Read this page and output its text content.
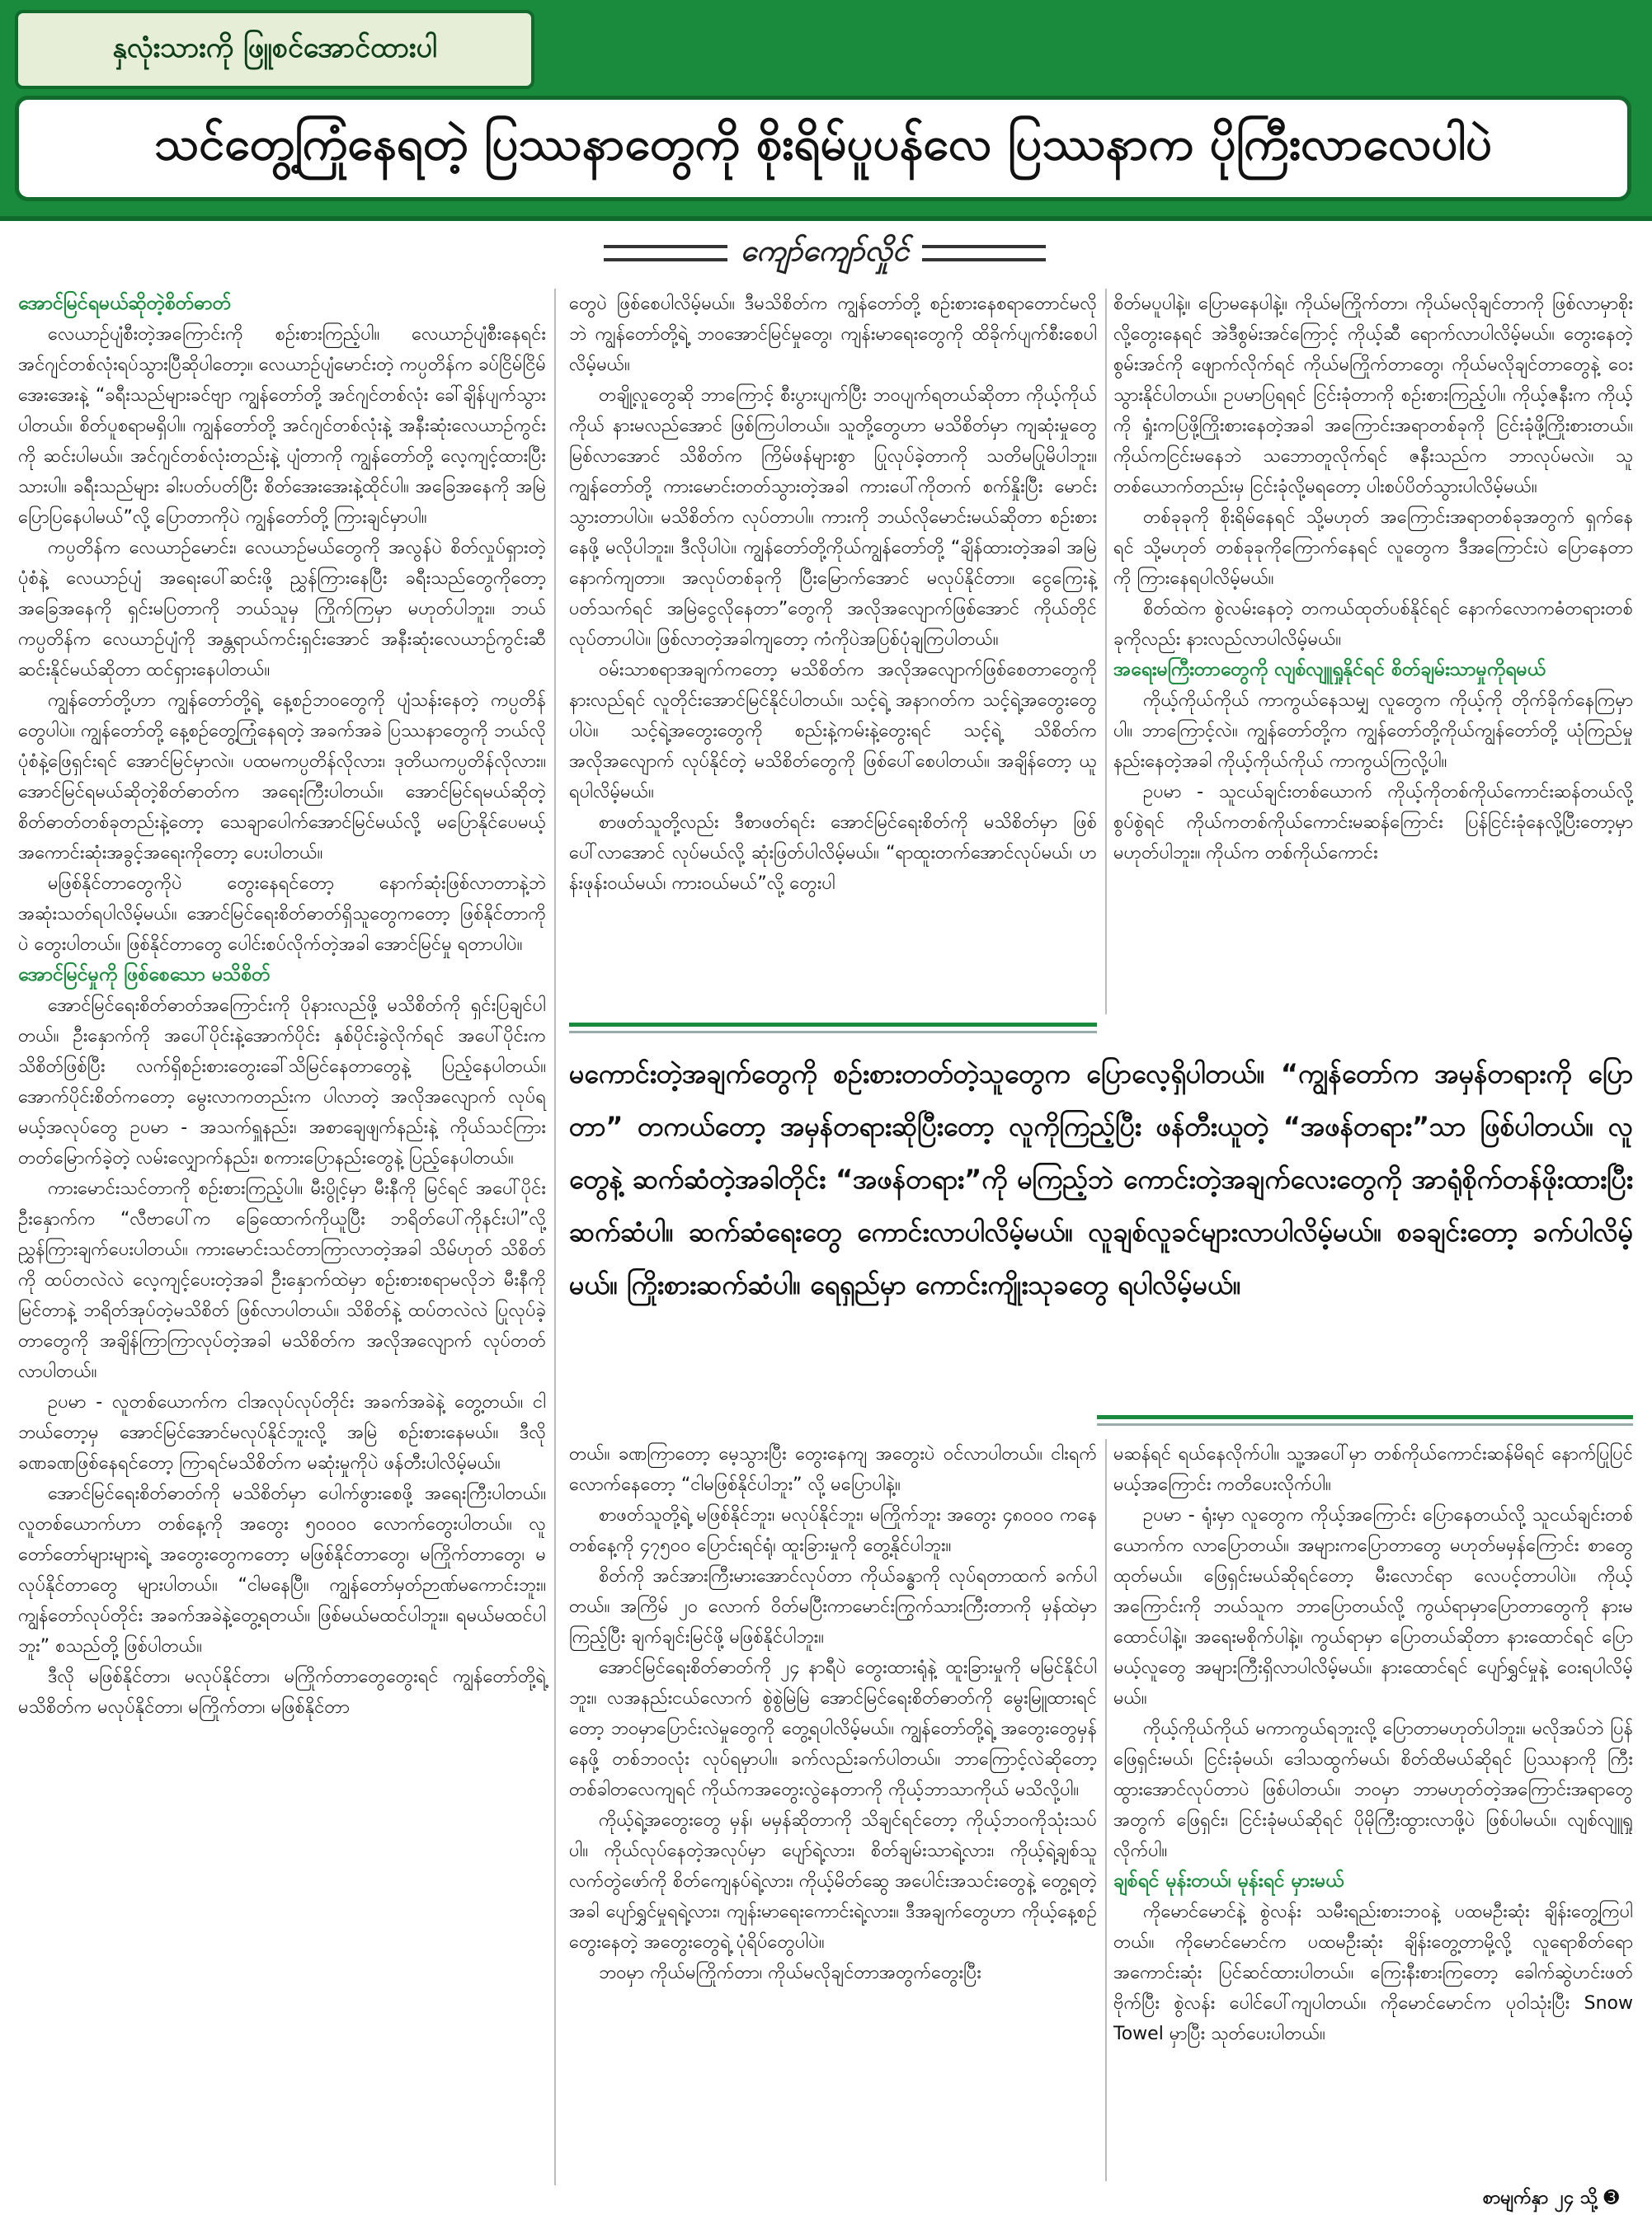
နှလုံးသားကို ဖြူစင်အောင်ထားပါ
သင်တွေ့ကြုံနေရတဲ့ ပြဿနာတွေကို စိုးရိမ်ပူပန်လေ ပြဿနာက ပိုကြီးလာလေပါပဲ
ကျော်ကျော်လှိုင်
အောင်မြင်ရမယ်ဆိုတဲ့စိတ်ဓာတ်

လေယာဉ်ပျံစီးတဲ့အကြောင်းကို စဉ်းစားကြည့်ပါ။ လေယာဉ်ပျံစီးနေရင်း အင်ဂျင်တစ်လုံးရပ်သွားပြီဆိုပါတော့။ လေယာဉ်ပျံမောင်းတဲ့ ကပ္ပတိန်က ခပ်ငြိမ်ငြိမ်အေးအေးနဲ့ “ခရီးသည်များခင်ဗျာ ကျွန်တော်တို့ အင်ဂျင်တစ်လုံး ခေါ်ချိန်ပျက်သွားပါတယ်။ စိတ်ပူစရာမရှိပါ။ ကျွန်တော်တို့ အင်ဂျင်တစ်လုံးနဲ့ အနီးဆုံးလေယာဉ်ကွင်းကို ဆင်းပါမယ်။ အင်ဂျင်တစ်လုံးတည်းနဲ့ ပျံတာကို ကျွန်တော်တို့ လေ့ကျင့်ထားပြီးသားပါ။ ခရီးသည်များ ခါးပတ်ပတ်ပြီး စိတ်အေးအေးနဲ့ထိုင်ပါ။ အခြေအနေကို အမြဲပြောပြနေပါမယ်”လို့ ပြောတာကိုပဲ ကျွန်တော်တို့ ကြားချင်မှာပါ။

ကပ္ပတိန်က လေယာဉ်မောင်း၊ လေယာဉ်မယ်တွေကို အလွန်ပဲ စိတ်လှုပ်ရှားတဲ့ပုံစံနဲ့ လေယာဉ်ပျံ အရေးပေါ်ဆင်းဖို့ ညွှန်ကြားနေပြီး ခရီးသည်တွေကိုတော့ အခြေအနေကို ရှင်းမပြတာကို ဘယ်သူမှ ကြိုက်ကြမှာ မဟုတ်ပါဘူး။ ဘယ်ကပ္ပတိန်က လေယာဉ်ပျံကို အန္တရာယ်ကင်းရှင်းအောင် အနီးဆုံးလေယာဉ်ကွင်းဆီ ဆင်းနိုင်မယ်ဆိုတာ ထင်ရှားနေပါတယ်။

ကျွန်တော်တို့ဟာ ကျွန်တော်တို့ရဲ့ နေ့စဉ်ဘဝတွေကို ပျံသန်းနေတဲ့ ကပ္ပတိန်တွေပါပဲ။ ကျွန်တော်တို့ နေ့စဉ်တွေ့ကြုံနေရတဲ့ အခက်အခဲ ပြဿနာတွေကို ဘယ်လိုပုံစံနဲ့ဖြေရှင်းရင် အောင်မြင်မှာလဲ။ ပထမကပ္ပတိန်လိုလား၊ ဒုတိယကပ္ပတိန်လိုလား။ အောင်မြင်ရမယ်ဆိုတဲ့စိတ်ဓာတ်က အရေးကြီးပါတယ်။ အောင်မြင်ရမယ်ဆိုတဲ့ စိတ်ဓာတ်တစ်ခုတည်းနဲ့တော့ သေချာပေါက်အောင်မြင်မယ်လို့ မပြောနိုင်ပေမယ့် အကောင်းဆုံးအခွင့်အရေးကိုတော့ ပေးပါတယ်။

မဖြစ်နိုင်တာတွေကိုပဲ တွေးနေရင်တော့ နောက်ဆုံးဖြစ်လာတာနဲ့ဘဲ အဆုံးသတ်ရပါလိမ့်မယ်။ အောင်မြင်ရေးစိတ်ဓာတ်ရှိသူတွေကတော့ ဖြစ်နိုင်တာကိုပဲ တွေးပါတယ်။ ဖြစ်နိုင်တာတွေ ပေါင်းစပ်လိုက်တဲ့အခါ အောင်မြင်မှု ရတာပါပဲ။

အောင်မြင်မှုကို ဖြစ်စေသော မသိစိတ်

အောင်မြင်ရေးစိတ်ဓာတ်အကြောင်းကို ပိုနားလည်ဖို့ မသိစိတ်ကို ရှင်းပြချင်ပါတယ်။ ဦးနှောက်ကို အပေါ်ပိုင်းနဲ့အောက်ပိုင်း နှစ်ပိုင်းခွဲလိုက်ရင် အပေါ်ပိုင်းကသိစိတ်ဖြစ်ပြီး လက်ရှိစဉ်းစားတွေးခေါ်သိမြင်နေတာတွေနဲ့ ပြည့်နေပါတယ်။ အောက်ပိုင်းစိတ်ကတော့ မွေးလာကတည်းက ပါလာတဲ့ အလိုအလျောက် လုပ်ရမယ့်အလုပ်တွေ ဥပမာ - အသက်ရှူနည်း၊ အစာချေဖျက်နည်းနဲ့ ကိုယ်သင်ကြားတတ်မြောက်ခဲ့တဲ့ လမ်းလျှောက်နည်း၊ စကားပြောနည်းတွေနဲ့ ပြည့်နေပါတယ်။

ကားမောင်းသင်တာကို စဉ်းစားကြည့်ပါ။ မီးပွိုင့်မှာ မီးနီကို မြင်ရင် အပေါ်ပိုင်းဦးနှောက်က “လီဗာပေါ်က ခြေထောက်ကိုယူပြီး ဘရိတ်ပေါ်ကိုနင်းပါ”လို့ ညွှန်ကြားချက်ပေးပါတယ်။ ကားမောင်းသင်တာကြာလာတဲ့အခါ သိမ်ဟုတ် သိစိတ်ကို ထပ်တလဲလဲ လေ့ကျင့်ပေးတဲ့အခါ ဦးနှောက်ထဲမှာ စဉ်းစားစရာမလိုဘဲ မီးနီကိုမြင်တာနဲ့ ဘရိတ်အုပ်တဲ့မသိစိတ် ဖြစ်လာပါတယ်။ သိစိတ်နဲ့ ထပ်တလဲလဲ ပြုလုပ်ခဲ့တာတွေကို အချိန်ကြာကြာလုပ်တဲ့အခါ မသိစိတ်က အလိုအလျောက် လုပ်တတ်လာပါတယ်။

ဥပမာ - လူတစ်ယောက်က ငါအလုပ်လုပ်တိုင်း အခက်အခဲနဲ့ တွေ့တယ်။ ငါဘယ်တော့မှ အောင်မြင်အောင်မလုပ်နိုင်ဘူးလို့ အမြဲ စဉ်းစားနေမယ်။ ဒီလို ခဏခဏဖြစ်နေရင်တော့ ကြာရင်မသိစိတ်က မဆုံးမှုကိုပဲ ဖန်တီးပါလိမ့်မယ်။

အောင်မြင်ရေးစိတ်ဓာတ်ကို မသိစိတ်မှာ ပေါက်ဖွားစေဖို့ အရေးကြီးပါတယ်။ လူတစ်ယောက်ဟာ တစ်နေ့ကို အတွေး ၅၀၀၀၀ လောက်တွေးပါတယ်။ လူတော်တော်များများရဲ့ အတွေးတွေကတော့ မဖြစ်နိုင်တာတွေ၊ မကြိုက်တာတွေ၊ မလုပ်နိုင်တာတွေ များပါတယ်။ “ငါမနေပြီ။ ကျွန်တော်မှတ်ဉာဏ်မကောင်းဘူး။ ကျွန်တော်လုပ်တိုင်း အခက်အခဲနဲ့တွေ့ရတယ်။ ဖြစ်မယ်မထင်ပါဘူး။ ရမယ်မထင်ပါဘူး” စသည်တို့ ဖြစ်ပါတယ်။

ဒီလို မဖြစ်နိုင်တာ၊ မလုပ်နိုင်တာ၊ မကြိုက်တာတွေတွေးရင် ကျွန်တော်တို့ရဲ့ မသိစိတ်က မလုပ်နိုင်တာ၊ မကြိုက်တာ၊ မဖြစ်နိုင်တာ

တွေပဲ ဖြစ်စေပါလိမ့်မယ်။ ဒီမသိစိတ်က ကျွန်တော်တို့ စဉ်းစားနေစရာတောင်မလိုဘဲ ကျွန်တော်တို့ရဲ့ ဘဝအောင်မြင်မှုတွေ၊ ကျန်းမာရေးတွေကို ထိခိုက်ပျက်စီးစေပါလိမ့်မယ်။

တချို့လူတွေဆို ဘာကြောင့် စီးပွားပျက်ပြီး ဘဝပျက်ရတယ်ဆိုတာ ကိုယ့်ကိုယ်ကိုယ် နားမလည်အောင် ဖြစ်ကြပါတယ်။ သူတို့တွေဟာ မသိစိတ်မှာ ကျဆုံးမှုတွေမြစ်လာအောင် သိစိတ်က ကြိမ်ဖန်များစွာ ပြုလုပ်ခဲ့တာကို သတိမပြုမိပါဘူး။ ကျွန်တော်တို့ ကားမောင်းတတ်သွားတဲ့အခါ ကားပေါ်ကိုတက် စက်နှိုးပြီး မောင်းသွားတာပါပဲ။ မသိစိတ်က လုပ်တာပါ။ ကားကို ဘယ်လိုမောင်းမယ်ဆိုတာ စဉ်းစားနေဖို့ မလိုပါဘူး။ ဒီလိုပါပဲ။ ကျွန်တော်တို့ကိုယ်ကျွန်တော်တို့ “ချိန်ထားတဲ့အခါ အမြဲနောက်ကျတာ။ အလုပ်တစ်ခုကို ပြီးမြောက်အောင် မလုပ်နိုင်တာ။ ငွေကြေးနဲ့ပတ်သက်ရင် အမြဲငွေလိုနေတာ”တွေကို အလိုအလျောက်ဖြစ်အောင် ကိုယ်တိုင်လုပ်တာပါပဲ။ ဖြစ်လာတဲ့အခါကျတော့ ကံကိုပဲအပြစ်ပုံချကြပါတယ်။

ဝမ်းသာစရာအချက်ကတော့ မသိစိတ်က အလိုအလျောက်ဖြစ်စေတာတွေကိုနားလည်ရင် လူတိုင်းအောင်မြင်နိုင်ပါတယ်။ သင့်ရဲ့ အနာဂတ်က သင့်ရဲ့အတွေးတွေပါပဲ။ သင့်ရဲ့အတွေးတွေကို စည်းနဲ့ကမ်းနဲ့တွေးရင် သင့်ရဲ့ သိစိတ်က အလိုအလျောက် လုပ်နိုင်တဲ့ မသိစိတ်တွေကို ဖြစ်ပေါ်စေပါတယ်။ အချိန်တော့ ယူရပါလိမ့်မယ်။

စာဖတ်သူတို့လည်း ဒီစာဖတ်ရင်း အောင်မြင်ရေးစိတ်ကို မသိစိတ်မှာ ဖြစ်ပေါ်လာအောင် လုပ်မယ်လို့ ဆုံးဖြတ်ပါလိမ့်မယ်။ “ရာထူးတက်အောင်လုပ်မယ်၊ ဟန်းဖုန်းဝယ်မယ်၊ ကားဝယ်မယ်”လို့ တွေးပါ

စိတ်မပူပါနဲ့။ ပြောမနေပါနဲ့။ ကိုယ်မကြိုက်တာ၊ ကိုယ်မလိုချင်တာကို ဖြစ်လာမှာစိုးလို့တွေးနေရင် အဲဒီစွမ်းအင်ကြောင့် ကိုယ့်ဆီ ရောက်လာပါလိမ့်မယ်။ တွေးနေတဲ့စွမ်းအင်ကို ဖျောက်လိုက်ရင် ကိုယ်မကြိုက်တာတွေ၊ ကိုယ်မလိုချင်တာတွေနဲ့ ဝေးသွားနိုင်ပါတယ်။ ဥပမာပြရရင် ငြင်းခုံတာကို စဉ်းစားကြည့်ပါ။ ကိုယ့်ဇနီးက ကိုယ့်ကို ရှုံးကပြဖို့ကြိုးစားနေတဲ့အခါ အကြောင်းအရာတစ်ခုကို ငြင်းခုံဖို့ကြိုးစားတယ်။ ကိုယ်ကငြင်းမနေဘဲ သဘောတူလိုက်ရင် ဇနီးသည်က ဘာလုပ်မလဲ။ သူတစ်ယောက်တည်းမှ ငြင်းခုံလို့မရတော့ ပါးစပ်ပိတ်သွားပါလိမ့်မယ်။

တစ်ခုခုကို စိုးရိမ်နေရင် သို့မဟုတ် အကြောင်းအရာတစ်ခုအတွက် ရှက်နေရင် သို့မဟုတ် တစ်ခုခုကိုကြောက်နေရင် လူတွေက ဒီအကြောင်းပဲ ပြောနေတာကို ကြားနေရပါလိမ့်မယ်။

စိတ်ထဲက စွဲလမ်းနေတဲ့ တကယ်ထုတ်ပစ်နိုင်ရင် နောက်လောကဓံတရားတစ်ခုကိုလည်း နားလည်လာပါလိမ့်မယ်။

အရေးမကြီးတာတွေကို လျစ်လျူရှုနိုင်ရင် စိတ်ချမ်းသာမှုကိုရမယ်

ကိုယ့်ကိုယ်ကိုယ် ကာကွယ်နေသမျှ လူတွေက ကိုယ့်ကို တိုက်ခိုက်နေကြမှာပါ။ ဘာကြောင့်လဲ။ ကျွန်တော်တို့က ကျွန်တော်တို့ကိုယ်ကျွန်တော်တို့ ယုံကြည်မှုနည်းနေတဲ့အခါ ကိုယ့်ကိုယ်ကိုယ် ကာကွယ်ကြလို့ပါ။

ဥပမာ - သူငယ်ချင်းတစ်ယောက် ကိုယ့်ကိုတစ်ကိုယ်ကောင်းဆန်တယ်လို့ စွပ်စွဲရင် ကိုယ်ကတစ်ကိုယ်ကောင်းမဆန်ကြောင်း ပြန်ငြင်းခုံနေလို့ပြီးတော့မှာ မဟုတ်ပါဘူး။ ကိုယ်က တစ်ကိုယ်ကောင်း

မကောင်းတဲ့အချက်တွေကို စဉ်းစားတတ်တဲ့သူတွေက ပြောလေ့ရှိပါတယ်။ “ကျွန်တော်က အမှန်တရားကို ပြောတာ” တကယ်တော့ အမှန်တရားဆိုပြီးတော့ လူကိုကြည့်ပြီး ဖန်တီးယူတဲ့ “အဖန်တရား”သာ ဖြစ်ပါတယ်။ လူတွေနဲ့ ဆက်ဆံတဲ့အခါတိုင်း “အဖန်တရား”ကို မကြည့်ဘဲ ကောင်းတဲ့အချက်လေးတွေကို အာရုံစိုက်တန်ဖိုးထားပြီး ဆက်ဆံပါ။ ဆက်ဆံရေးတွေ ကောင်းလာပါလိမ့်မယ်။ လူချစ်လူခင်များလာပါလိမ့်မယ်။ စခချင်းတော့ ခက်ပါလိမ့်မယ်။ ကြိုးစားဆက်ဆံပါ။ ရေရှည်မှာ ကောင်းကျိုးသုခတွေ ရပါလိမ့်မယ်။

တယ်။ ခဏကြာတော့ မေ့သွားပြီး တွေးနေကျ အတွေးပဲ ဝင်လာပါတယ်။ ငါးရက်လောက်နေတော့ “ငါမဖြစ်နိုင်ပါဘူး” လို့ မပြောပါနဲ့။

စာဖတ်သူတို့ရဲ့ မဖြစ်နိုင်ဘူး၊ မလုပ်နိုင်ဘူး၊ မကြိုက်ဘူး အတွေး ၄၈၀၀၀ ကနေ တစ်နေ့ကို ၄၇၅၀၀ ပြောင်းရင်ရုံ၊ ထူးခြားမှုကို တွေ့နိုင်ပါဘူး။

စိတ်ကို အင်အားကြီးမားအောင်လုပ်တာ ကိုယ်ခန္ဓာကို လုပ်ရတာထက် ခက်ပါတယ်။ အကြိမ် ၂၀ လောက် ဝိတ်မပြီးကာမောင်းကြွက်သားကြီးတာကို မှန်ထဲမှာကြည့်ပြီး ချက်ချင်းမြင်ဖို့ မဖြစ်နိုင်ပါဘူး။

အောင်မြင်ရေးစိတ်ဓာတ်ကို ၂၄ နာရီပဲ တွေးထားရုံနဲ့ ထူးခြားမှုကို မမြင်နိုင်ပါဘူး။ လအနည်းငယ်လောက် စွဲစွဲမြဲမြဲ အောင်မြင်ရေးစိတ်ဓာတ်ကို မွေးမြူထားရင်တော့ ဘဝမှာပြောင်းလဲမှုတွေကို တွေ့ရပါလိမ့်မယ်။ ကျွန်တော်တို့ရဲ့ အတွေးတွေမှန်နေဖို့ တစ်ဘဝလုံး လုပ်ရမှာပါ။ ခက်လည်းခက်ပါတယ်။ ဘာကြောင့်လဲဆိုတော့ တစ်ခါတလေကျရင် ကိုယ်ကအတွေးလွဲနေတာကို ကိုယ့်ဘာသာကိုယ် မသိလို့ပါ။

ကိုယ့်ရဲ့အတွေးတွေ မှန်၊ မမှန်ဆိုတာကို သိချင်ရင်တော့ ကိုယ့်ဘဝကိုသုံးသပ်ပါ။ ကိုယ်လုပ်နေတဲ့အလုပ်မှာ ပျော်ရဲ့လား၊ စိတ်ချမ်းသာရဲ့လား၊ ကိုယ့်ရဲ့ချစ်သူ လက်တွဲဖော်ကို စိတ်ကျေနပ်ရဲ့လား၊ ကိုယ့်မိတ်ဆွေ အပေါင်းအသင်းတွေနဲ့ တွေ့ရတဲ့အခါ ပျော်ရွှင်မှုရရဲ့လား၊ ကျန်းမာရေးကောင်းရဲ့လား။ ဒီအချက်တွေဟာ ကိုယ့်နေ့စဉ်တွေးနေတဲ့ အတွေးတွေရဲ့ ပုံရိပ်တွေပါပဲ။

ဘဝမှာ ကိုယ်မကြိုက်တာ၊ ကိုယ်မလိုချင်တာအတွက်တွေးပြီး

မဆန်ရင် ရယ်နေလိုက်ပါ။ သူ့အပေါ်မှာ တစ်ကိုယ်ကောင်းဆန်မိရင် နောက်ပြုပြင်မယ့်အကြောင်း ကတိပေးလိုက်ပါ။

ဥပမာ - ရုံးမှာ လူတွေက ကိုယ့်အကြောင်း ပြောနေတယ်လို့ သူငယ်ချင်းတစ်ယောက်က လာပြောတယ်။ အများကပြောတာတွေ မဟုတ်မမှန်ကြောင်း စာတွေထုတ်မယ်။ ဖြေရှင်းမယ်ဆိုရင်တော့ မီးလောင်ရာ လေပင့်တာပါပဲ။ ကိုယ့်အကြောင်းကို ဘယ်သူက ဘာပြောတယ်လို့ ကွယ်ရာမှာပြောတာတွေကို နားမထောင်ပါနဲ့။ အရေးမစိုက်ပါနဲ့။ ကွယ်ရာမှာ ပြောတယ်ဆိုတာ နားထောင်ရင် ပြောမယ့်လူတွေ အများကြီးရှိလာပါလိမ့်မယ်။ နားထောင်ရင် ပျော်ရွှင်မှုနဲ့ ဝေးရပါလိမ့်မယ်။

ကိုယ့်ကိုယ်ကိုယ် မကာကွယ်ရဘူးလို့ ပြောတာမဟုတ်ပါဘူး။ မလိုအပ်ဘဲ ပြန်ဖြေရှင်းမယ်၊ ငြင်းခုံမယ်၊ ဒေါသထွက်မယ်၊ စိတ်ထိမယ်ဆိုရင် ပြဿနာကို ကြီးထွားအောင်လုပ်တာပဲ ဖြစ်ပါတယ်။ ဘဝမှာ ဘာမဟုတ်တဲ့အကြောင်းအရာတွေအတွက် ဖြေရှင်း၊ ငြင်းခုံမယ်ဆိုရင် ပိုမိုကြီးထွားလာဖို့ပဲ ဖြစ်ပါမယ်။ လျစ်လျူရှုလိုက်ပါ။

ချစ်ရင် မုန်းတယ်၊ မုန်းရင် မှားမယ်

ကိုမောင်မောင်နဲ့ စွဲလန်း သမီးရည်းစားဘဝနဲ့ ပထမဦးဆုံး ချိန်းတွေ့ကြပါတယ်။ ကိုမောင်မောင်က ပထမဦးဆုံး ချိန်းတွေ့တာမို့လို့ လူရောစိတ်ရော အကောင်းဆုံး ပြင်ဆင်ထားပါတယ်။ ကြေးနီးစားကြတော့ ခေါက်ဆွဲဟင်းဖတ် ဗိုက်ပြီး စွဲလန်း ပေါင်ပေါ်ကျပါတယ်။ ကိုမောင်မောင်က ပုဝါသုံးပြီး Snow Towel မှာပြီး သုတ်ပေးပါတယ်။

စာမျက်နှာ ၂၄ သို့ ➌
